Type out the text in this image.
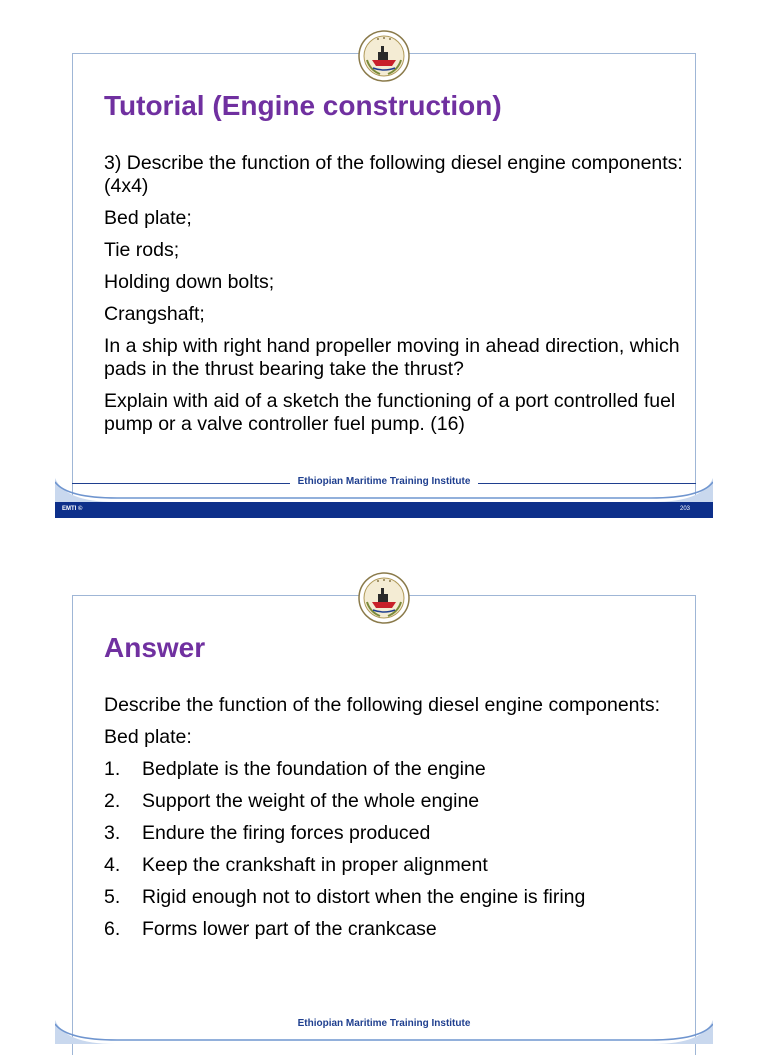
Tutorial (Engine construction)

3) Describe the function of the following diesel engine components: (4x4)

Bed plate;

Tie rods;

Holding down bolts;

Crangshaft;

In a ship with right hand propeller moving in ahead direction, which pads in the thrust bearing take the thrust?

Explain with aid of a sketch the functioning of a port controlled fuel pump or a valve controller fuel pump. (16)

Ethiopian Maritime Training Institute
EMTI ©	203
Answer

Describe the function of the following diesel engine components:

Bed plate:

1.	Bedplate is the foundation of the engine
2.	Support the weight of the whole engine
3.	Endure the firing forces produced
4.	Keep the crankshaft in proper alignment
5.	Rigid enough not to distort when the engine is firing
6.	Forms lower part of the crankcase
Ethiopian Maritime Training Institute
